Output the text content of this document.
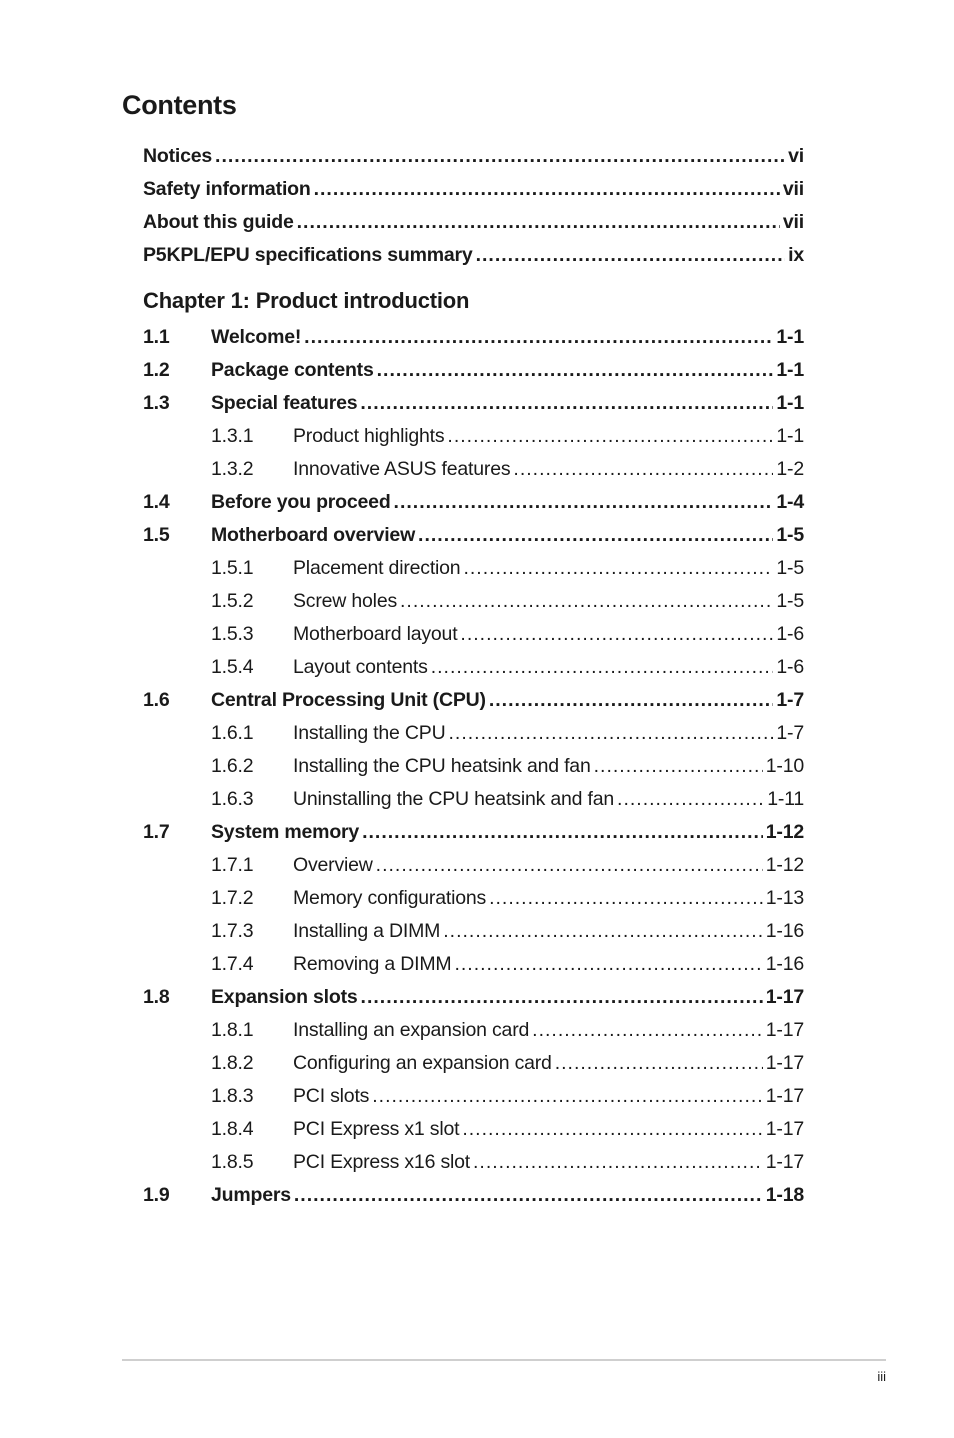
Contents
Notices .....	vi
Safety information .....	vii
About this guide .....	vii
P5KPL/EPU specifications summary .....	ix
Chapter 1: Product introduction
1.1	Welcome! .....	1-1
1.2	Package contents .....	1-1
1.3	Special features .....	1-1
1.3.1	Product highlights .....	1-1
1.3.2	Innovative ASUS features .....	1-2
1.4	Before you proceed .....	1-4
1.5	Motherboard overview .....	1-5
1.5.1	Placement direction .....	1-5
1.5.2	Screw holes .....	1-5
1.5.3	Motherboard layout .....	1-6
1.5.4	Layout contents .....	1-6
1.6	Central Processing Unit (CPU) .....	1-7
1.6.1	Installing the CPU .....	1-7
1.6.2	Installing the CPU heatsink and fan .....	1-10
1.6.3	Uninstalling the CPU heatsink and fan .....	1-11
1.7	System memory .....	1-12
1.7.1	Overview .....	1-12
1.7.2	Memory configurations .....	1-13
1.7.3	Installing a DIMM .....	1-16
1.7.4	Removing a DIMM .....	1-16
1.8	Expansion slots .....	1-17
1.8.1	Installing an expansion card .....	1-17
1.8.2	Configuring an expansion card .....	1-17
1.8.3	PCI slots .....	1-17
1.8.4	PCI Express x1 slot .....	1-17
1.8.5	PCI Express x16 slot .....	1-17
1.9	Jumpers .....	1-18
iii
